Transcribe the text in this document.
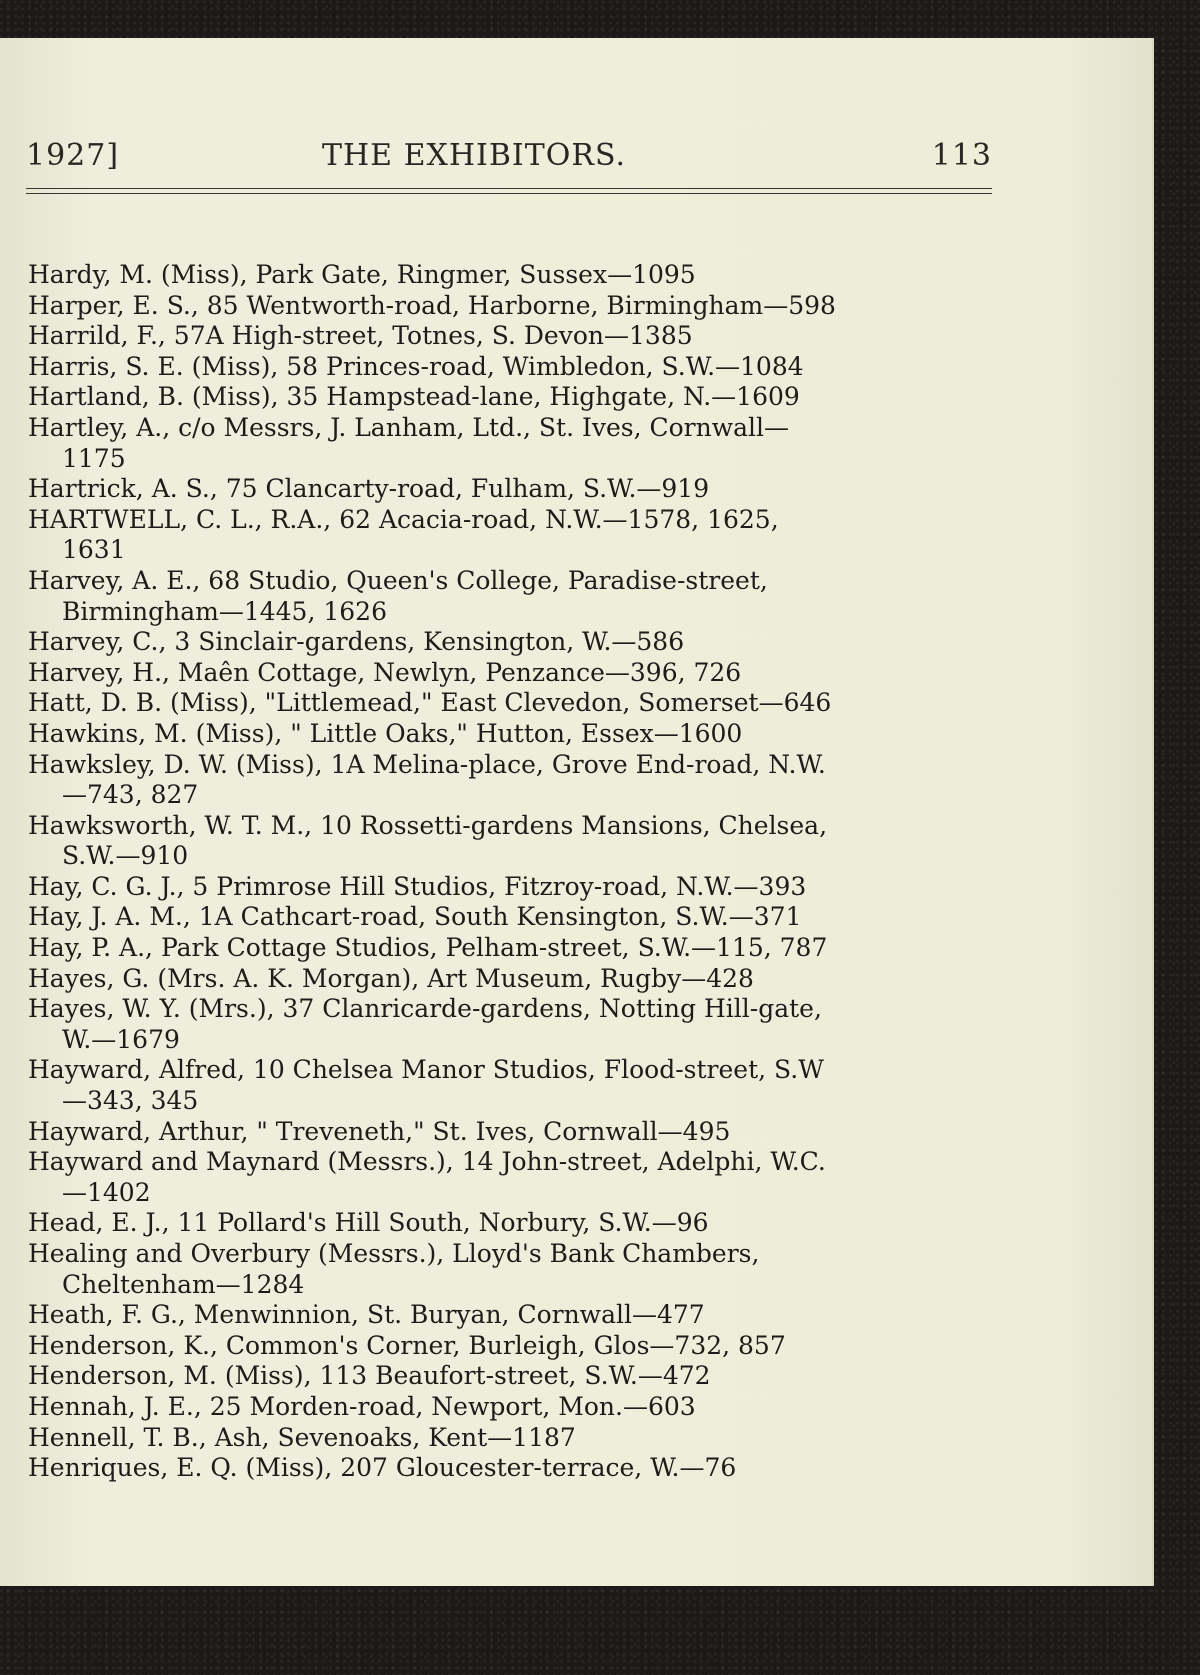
1927]	THE EXHIBITORS.	113
Hardy, M. (Miss), Park Gate, Ringmer, Sussex—1095
Harper, E. S., 85 Wentworth-road, Harborne, Birmingham—598
Harrild, F., 57A High-street, Totnes, S. Devon—1385
Harris, S. E. (Miss), 58 Princes-road, Wimbledon, S.W.—1084
Hartland, B. (Miss), 35 Hampstead-lane, Highgate, N.—1609
Hartley, A., c/o Messrs, J. Lanham, Ltd., St. Ives, Cornwall—
1175
Hartrick, A. S., 75 Clancarty-road, Fulham, S.W.—919
HARTWELL, C. L., R.A., 62 Acacia-road, N.W.—1578, 1625,
1631
Harvey, A. E., 68 Studio, Queen's College, Paradise-street,
Birmingham—1445, 1626
Harvey, C., 3 Sinclair-gardens, Kensington, W.—586
Harvey, H., Maên Cottage, Newlyn, Penzance—396, 726
Hatt, D. B. (Miss), "Littlemead," East Clevedon, Somerset—646
Hawkins, M. (Miss), " Little Oaks," Hutton, Essex—1600
Hawksley, D. W. (Miss), 1A Melina-place, Grove End-road, N.W.
—743, 827
Hawksworth, W. T. M., 10 Rossetti-gardens Mansions, Chelsea,
S.W.—910
Hay, C. G. J., 5 Primrose Hill Studios, Fitzroy-road, N.W.—393
Hay, J. A. M., 1A Cathcart-road, South Kensington, S.W.—371
Hay, P. A., Park Cottage Studios, Pelham-street, S.W.—115, 787
Hayes, G. (Mrs. A. K. Morgan), Art Museum, Rugby—428
Hayes, W. Y. (Mrs.), 37 Clanricarde-gardens, Notting Hill-gate,
W.—1679
Hayward, Alfred, 10 Chelsea Manor Studios, Flood-street, S.W
—343, 345
Hayward, Arthur, " Treveneth," St. Ives, Cornwall—495
Hayward and Maynard (Messrs.), 14 John-street, Adelphi, W.C.
—1402
Head, E. J., 11 Pollard's Hill South, Norbury, S.W.—96
Healing and Overbury (Messrs.), Lloyd's Bank Chambers,
Cheltenham—1284
Heath, F. G., Menwinnion, St. Buryan, Cornwall—477
Henderson, K., Common's Corner, Burleigh, Glos—732, 857
Henderson, M. (Miss), 113 Beaufort-street, S.W.—472
Hennah, J. E., 25 Morden-road, Newport, Mon.—603
Hennell, T. B., Ash, Sevenoaks, Kent—1187
Henriques, E. Q. (Miss), 207 Gloucester-terrace, W.—76
